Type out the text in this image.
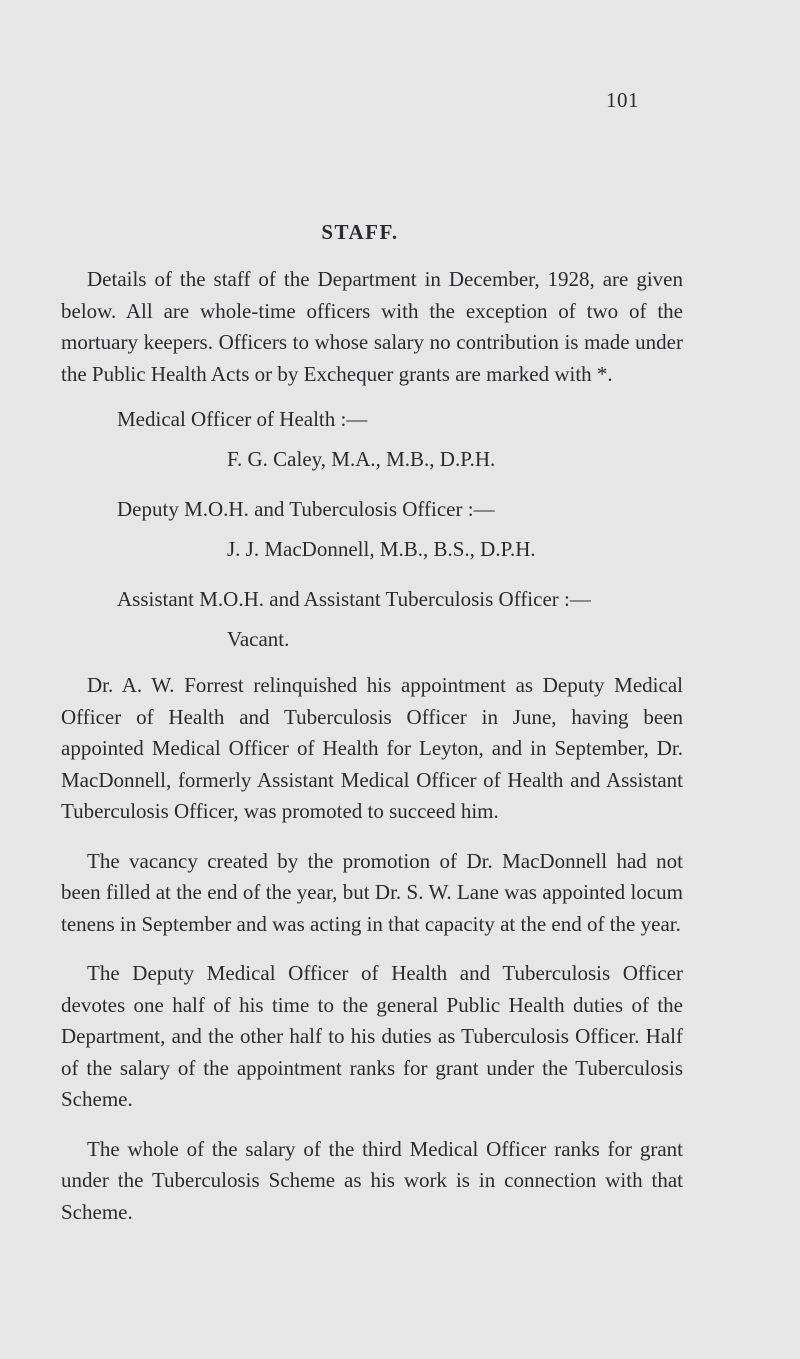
101
STAFF.

Details of the staff of the Department in December, 1928, are given below. All are whole-time officers with the exception of two of the mortuary keepers. Officers to whose salary no contribution is made under the Public Health Acts or by Exchequer grants are marked with *.

Medical Officer of Health :—
F. G. Caley, M.A., M.B., D.P.H.
Deputy M.O.H. and Tuberculosis Officer :—
J. J. MacDonnell, M.B., B.S., D.P.H.
Assistant M.O.H. and Assistant Tuberculosis Officer :—
Vacant.

Dr. A. W. Forrest relinquished his appointment as Deputy Medical Officer of Health and Tuberculosis Officer in June, having been appointed Medical Officer of Health for Leyton, and in September, Dr. MacDonnell, formerly Assistant Medical Officer of Health and Assistant Tuberculosis Officer, was promoted to succeed him.

The vacancy created by the promotion of Dr. MacDonnell had not been filled at the end of the year, but Dr. S. W. Lane was appointed locum tenens in September and was acting in that capacity at the end of the year.

The Deputy Medical Officer of Health and Tuberculosis Officer devotes one half of his time to the general Public Health duties of the Department, and the other half to his duties as Tuberculosis Officer. Half of the salary of the appointment ranks for grant under the Tuberculosis Scheme.

The whole of the salary of the third Medical Officer ranks for grant under the Tuberculosis Scheme as his work is in connection with that Scheme.
